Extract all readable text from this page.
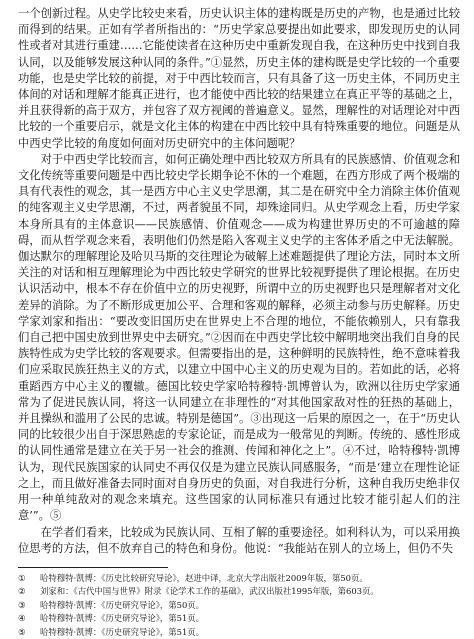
一个创新过程。从史学比较史来看，历史认识主体的建构既是历史的产物，也是通过比较而得到的结果。正如有学者所指出的：“历史学家总要提出如此要求，即发现历史的认同性或者对其进行重建……它能使读者在这种历史中重新发现自我，在这种历史中找到自我认同，以及能够发展这种认同的条件。”①显然，历史主体的建构既是史学比较的一个重要功能，也是史学比较的前提，对于中西比较而言，只有具备了这一历史主体，不同历史主体间的对话和理解才能真正进行，也才能使中西比较的结果建立在真正平等的基础之上，并且获得新的高于双方，并包容了双方视阈的普遍意义。显然，理解性的对话理论对中西比较的一个重要启示，就是文化主体的构建在中西比较中具有特殊重要的地位。问题是从中西史学比较的角度如何面对历史研究中的主体问题呢？

对于中西史学比较而言，如何正确处理中西比较双方所具有的民族感情、价值观念和文化传统等重要问题是中西比较史学长期争论不休的一个难题，在西方形成了两个极端的具有代表性的观念，其一是西方中心主义史学思潮，其二是在研究中全力消除主体价值观的纯客观主义史学思潮，不过，两者貌虽不同，却殊途同归。从史学观念上看，历史学家本身所具有的主体意识——民族感情、价值观念——成为构建世界历史的不可逾越的障碍，而从哲学观念来看，表明他们仍然是陷入客观主义史学的主客体矛盾之中无法解脱。伽达默尔的理解理论及哈贝马斯的交往理论为破解上述难题提供了理论方法，同时本文所关注的对话和相互理解理论为中西比较史学研究的世界比较视野提供了理论根据。在历史认识活动中，根本不存在价值中立的历史视野，所谓中立的历史视野也只是理解者对文化差异的消除。为了不断形成更加公平、合理和客观的解释，必须主动参与历史解释。历史学家刘家和指出：“要改变旧国历史在世界史上不合理的地位，不能依赖别人，只有靠我们自己把中国史放到世界史中去研究。”②因而在中西史学比较中解明地突出我们自身的民族特性成为史学比较的客观要求。但需要指出的是，这种鲜明的民族特性，绝不意味着我们应采取民族狂热主义的方式，以建立中国中心主义的历史观为目的。若如此的话，必将重蹈西方中心主义的覆辙。德国比较史学家哈特穆特·凯博曾认为，欧洲以往历史学家通常为了促进民族认同，将这一认同建立在非理性的“对其他国家敌对性的狂热的基础上，并且操纵和滥用了公民的忠诚。特别是德国”。③出现这一后果的原因之一，在于“历史认同的比较很少出自于深思熟虑的专家论证，而是成为一般常见的判断。传统的、感性形成的认同性通常是建立在关于另一社会的推测、传闻和神化之上”。④不过，哈特穆特·凯博认为，现代民族国家的认同史不再仅仅是为建立民族认同感服务，“而是‘建立在理性论证之上，而且做好准备去同时面对自身历史的负面，对自我进行分析，这种自我历史绝非仅用一种单纯敌对的观念来填充。这些国家的认同标准只有通过比较才能引起人们的注意’”。⑤

在学者们看来，比较成为民族认同、互相了解的重要途径。如利科认为，可以采用换位思考的方法，但不放弃自己的特色和身份。他说：“我能站在别人的立场上，但仍不失

①	哈特穆特·凯博：《历史比较研究导论》，赵进中译，北京大学出版社2009年版，第50页。
②	刘家和：《古代中国与世界》附录《论学术工作的基础》，武汉出版社1995年版，第603页。
③	哈特穆特·凯博：《历史研究导论》，第50页。
④	哈特穆特·凯博：《历史研究导论》，第51页。
⑤	哈特穆特·凯博：《历史研究导论》，第51页。
